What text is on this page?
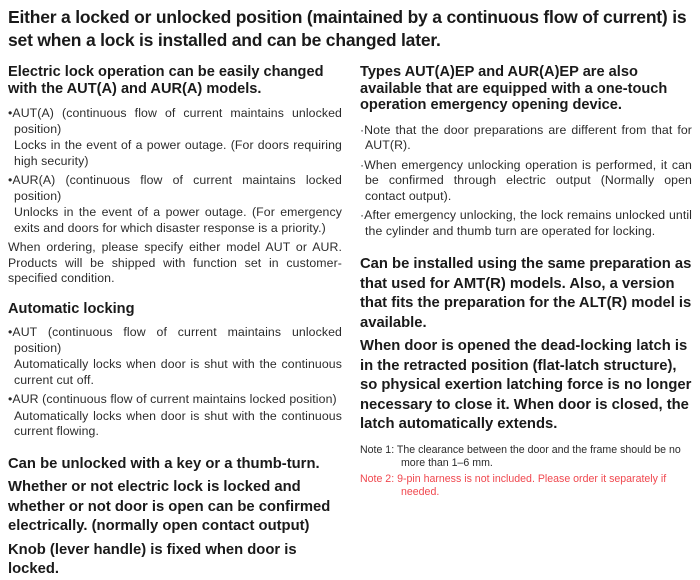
Either a locked or unlocked position (maintained by a continuous flow of current) is set when a lock is installed and can be changed later.
Electric lock operation can be easily changed with the AUT(A) and AUR(A) models.

•AUT(A) (continuous flow of current maintains unlocked position)

Locks in the event of a power outage. (For doors requiring high security)

•AUR(A) (continuous flow of current maintains locked position)

Unlocks in the event of a power outage. (For emergency exits and doors for which disaster response is a priority.)

When ordering, please specify either model AUT or AUR. Products will be shipped with function set in customer-specified condition.

Automatic locking

•AUT (continuous flow of current maintains unlocked position)

Automatically locks when door is shut with the continuous current cut off.

•AUR (continuous flow of current maintains locked position)

Automatically locks when door is shut with the continuous current flowing.

Can be unlocked with a key or a thumb-turn.

Whether or not electric lock is locked and whether or not door is open can be confirmed electrically. (normally open contact output)

Knob (lever handle) is fixed when door is locked.

Types AUT(A)EP and AUR(A)EP are also available that are equipped with a one-touch operation emergency opening device.

·Note that the door preparations are different from that for AUT(R).

·When emergency unlocking operation is performed, it can be confirmed through electric output (Normally open contact output).

·After emergency unlocking, the lock remains unlocked until the cylinder and thumb turn are operated for locking.

Can be installed using the same preparation as that used for AMT(R) models. Also, a version that fits the preparation for the ALT(R) model is available.

When door is opened the dead-locking latch is in the retracted position (flat-latch structure), so physical exertion latching force is no longer necessary to close it. When door is closed, the latch automatically extends.

Note 1: The clearance between the door and the frame should be no more than 1–6 mm.

Note 2: 9-pin harness is not included. Please order it separately if needed.
